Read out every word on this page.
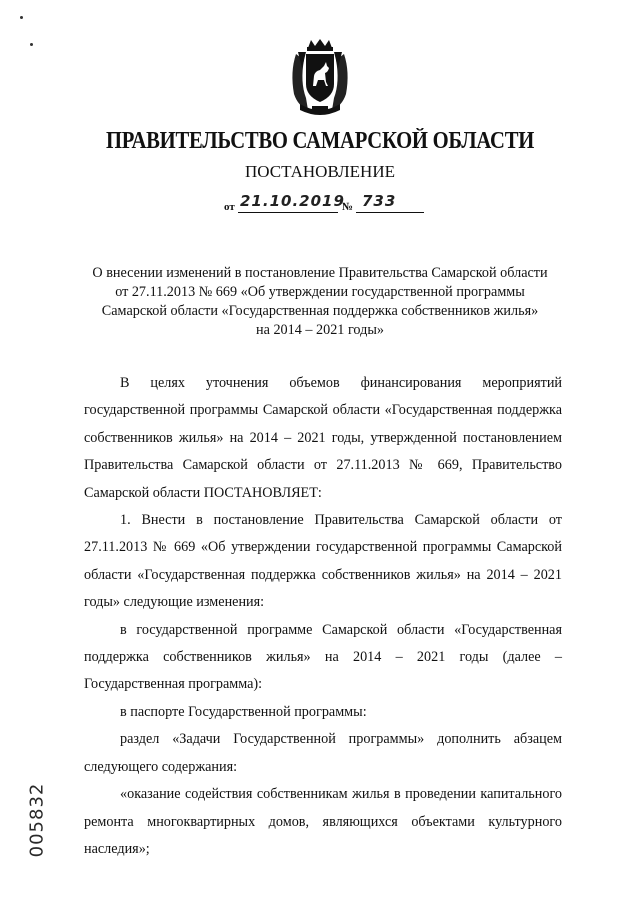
ПРАВИТЕЛЬСТВО САМАРСКОЙ ОБЛАСТИ
ПОСТАНОВЛЕНИЕ
от 21.10.2019
№ 733
О внесении изменений в постановление Правительства Самарской области
от 27.11.2013 № 669 «Об утверждении государственной программы
Самарской области «Государственная поддержка собственников жилья»
на 2014 – 2021 годы»

В целях уточнения объемов финансирования мероприятий государственной программы Самарской области «Государственная поддержка собственников жилья» на 2014 – 2021 годы, утвержденной постановлением Правительства Самарской области от 27.11.2013 № 669, Правительство Самарской области ПОСТАНОВЛЯЕТ:

1. Внести в постановление Правительства Самарской области от 27.11.2013 № 669 «Об утверждении государственной программы Самарской области «Государственная поддержка собственников жилья» на 2014 – 2021 годы» следующие изменения:

в государственной программе Самарской области «Государственная поддержка собственников жилья» на 2014 – 2021 годы (далее – Государственная программа):

в паспорте Государственной программы:

раздел «Задачи Государственной программы» дополнить абзацем следующего содержания:

«оказание содействия собственникам жилья в проведении капитального ремонта многоквартирных домов, являющихся объектами культурного наследия»;

005832
